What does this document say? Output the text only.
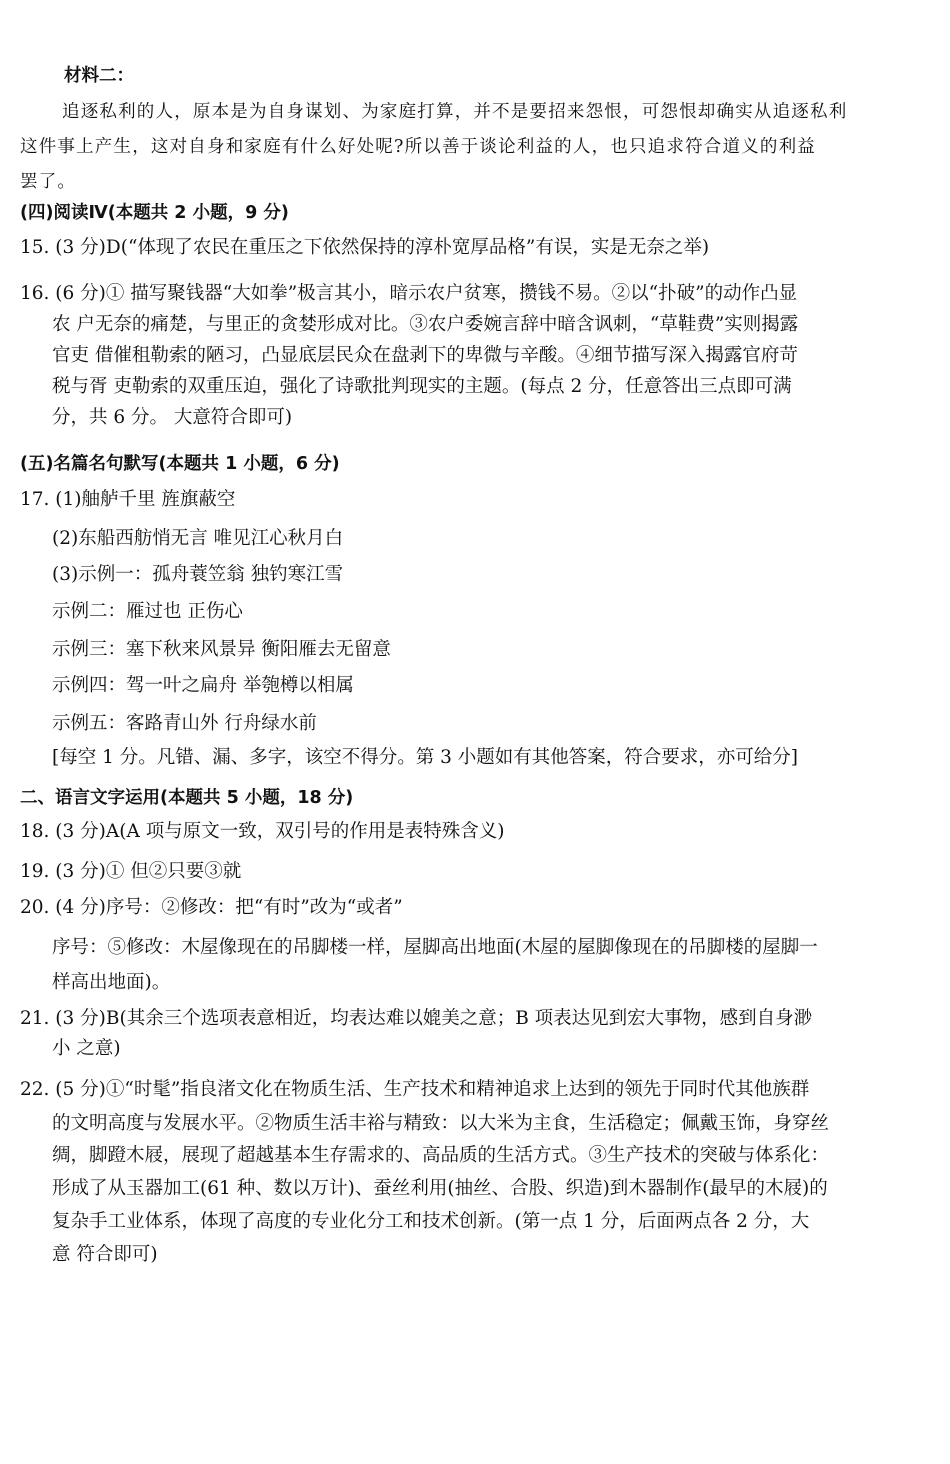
材料二：
追逐私利的人，原本是为自身谋划、为家庭打算，并不是要招来怨恨，可怨恨却确实从追逐私利
这件事上产生，这对自身和家庭有什么好处呢?所以善于谈论利益的人，也只追求符合道义的利益
罢了。
(四)阅读Ⅳ(本题共 2 小题，9 分)
15. (3 分)D(“体现了农民在重压之下依然保持的淳朴宽厚品格”有误，实是无奈之举)
16. (6 分)① 描写聚钱器“大如拳”极言其小，暗示农户贫寒，攒钱不易。②以“扑破”的动作凸显
农 户无奈的痛楚，与里正的贪婪形成对比。③农户委婉言辞中暗含讽刺，“草鞋费”实则揭露
官吏 借催租勒索的陋习，凸显底层民众在盘剥下的卑微与辛酸。④细节描写深入揭露官府苛
税与胥 吏勒索的双重压迫，强化了诗歌批判现实的主题。(每点 2 分，任意答出三点即可满
分，共 6 分。 大意符合即可)
(五)名篇名句默写(本题共 1 小题，6 分)
17. (1)舳舻千里 旌旗蔽空
(2)东船西舫悄无言 唯见江心秋月白
(3)示例一：孤舟蓑笠翁 独钓寒江雪
示例二：雁过也 正伤心
示例三：塞下秋来风景异 衡阳雁去无留意
示例四：驾一叶之扁舟 举匏樽以相属
示例五：客路青山外 行舟绿水前
[每空 1 分。凡错、漏、多字，该空不得分。第 3 小题如有其他答案，符合要求，亦可给分]
二、语言文字运用(本题共 5 小题，18 分)
18. (3 分)A(A 项与原文一致，双引号的作用是表特殊含义)
19. (3 分)① 但②只要③就
20. (4 分)序号：②修改：把“有时”改为“或者”
序号：⑤修改：木屋像现在的吊脚楼一样，屋脚高出地面(木屋的屋脚像现在的吊脚楼的屋脚一
样高出地面)。
21. (3 分)B(其余三个选项表意相近，均表达难以媲美之意；B 项表达见到宏大事物，感到自身渺
小 之意)
22. (5 分)①“时髦”指良渚文化在物质生活、生产技术和精神追求上达到的领先于同时代其他族群
的文明高度与发展水平。②物质生活丰裕与精致：以大米为主食，生活稳定；佩戴玉饰，身穿丝
绸，脚蹬木屐，展现了超越基本生存需求的、高品质的生活方式。③生产技术的突破与体系化：
形成了从玉器加工(61 种、数以万计)、蚕丝利用(抽丝、合股、织造)到木器制作(最早的木屐)的
复杂手工业体系，体现了高度的专业化分工和技术创新。(第一点 1 分，后面两点各 2 分，大
意 符合即可)
